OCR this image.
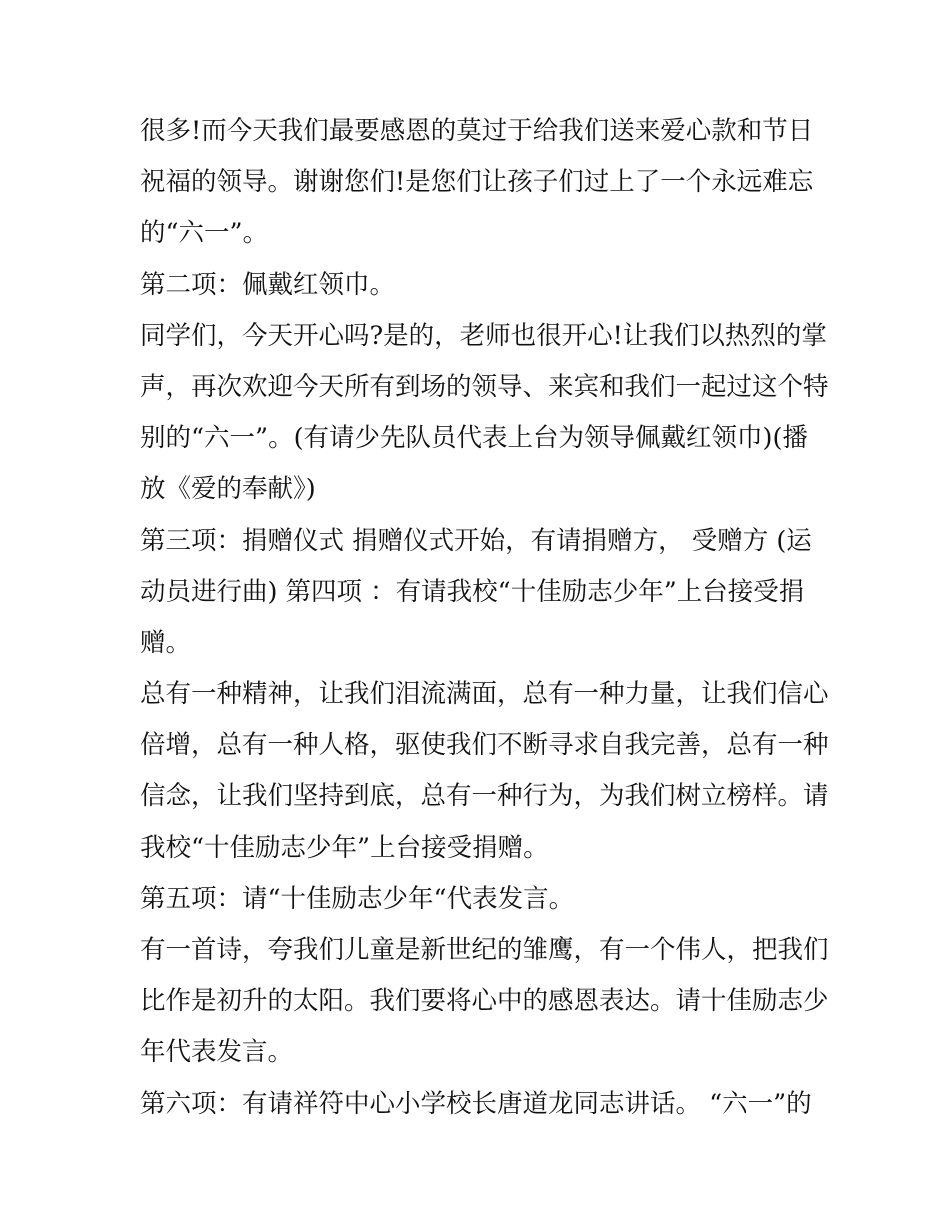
很多!而今天我们最要感恩的莫过于给我们送来爱心款和节日
祝福的领导。谢谢您们!是您们让孩子们过上了一个永远难忘
的“六一”。
第二项：佩戴红领巾。
同学们，今天开心吗?是的，老师也很开心!让我们以热烈的掌
声，再次欢迎今天所有到场的领导、来宾和我们一起过这个特
别的“六一”。(有请少先队员代表上台为领导佩戴红领巾)(播
放《爱的奉献》)
第三项：捐赠仪式 捐赠仪式开始，有请捐赠方， 受赠方 (运
动员进行曲) 第四项 ：有请我校“十佳励志少年”上台接受捐
赠。
总有一种精神，让我们泪流满面，总有一种力量，让我们信心
倍增，总有一种人格，驱使我们不断寻求自我完善，总有一种
信念，让我们坚持到底，总有一种行为，为我们树立榜样。请
我校“十佳励志少年”上台接受捐赠。
第五项：请“十佳励志少年“代表发言。
有一首诗，夸我们儿童是新世纪的雏鹰，有一个伟人，把我们
比作是初升的太阳。我们要将心中的感恩表达。请十佳励志少
年代表发言。
第六项：有请祥符中心小学校长唐道龙同志讲话。 “六一”的
